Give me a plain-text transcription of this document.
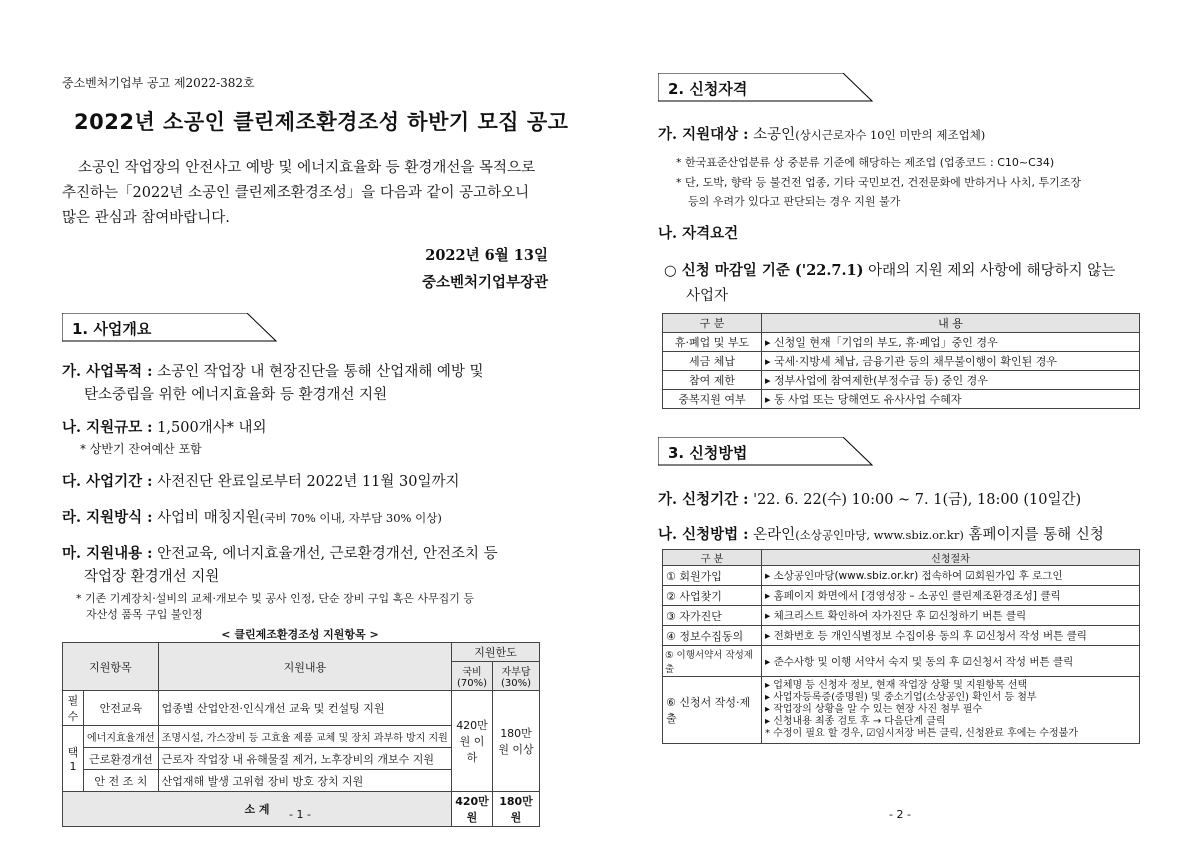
중소벤처기업부 공고 제2022-382호
2022년 소공인 클린제조환경조성 하반기 모집 공고
소공인 작업장의 안전사고 예방 및 에너지효율화 등 환경개선을 목적으로
추진하는「2022년 소공인 클린제조환경조성」을 다음과 같이 공고하오니
많은 관심과 참여바랍니다.
2022년 6월 13일
중소벤처기업부장관
1. 사업개요
가. 사업목적 : 소공인 작업장 내 현장진단을 통해 산업재해 예방 및
탄소중립을 위한 에너지효율화 등 환경개선 지원
나. 지원규모 : 1,500개사* 내외
* 상반기 잔여예산 포함
다. 사업기간 : 사전진단 완료일로부터 2022년 11월 30일까지
라. 지원방식 : 사업비 매칭지원(국비 70% 이내, 자부담 30% 이상)
마. 지원내용 : 안전교육, 에너지효율개선, 근로환경개선, 안전조치 등
작업장 환경개선 지원
* 기존 기계장치·설비의 교체·개보수 및 공사 인정, 단순 장비 구입 혹은 사무집기 등
자산성 품목 구입 불인정
< 클린제조환경조성 지원항목 >
지원항목		지원내용	지원한도	
			국비(70%)	자부담(30%)
필수	안전교육	업종별 산업안전·인식개선 교육 및 컨설팅 지원	420만원 이하	180만원 이상
택1	에너지효율개선	조명시설, 가스장비 등 고효율 제품 교체 및 장치 과부하 방지 지원		
	근로환경개선	근로자 작업장 내 유해물질 제거, 노후장비의 개보수 지원		
	안 전 조 치	산업재해 발생 고위험 장비 방호 장치 지원		
소 계			420만원	180만원
- 1 -
2. 신청자격
가. 지원대상 : 소공인(상시근로자수 10인 미만의 제조업체)
* 한국표준산업분류 상 중분류 기준에 해당하는 제조업 (업종코드 : C10~C34)
* 단, 도박, 향락 등 불건전 업종, 기타 국민보건, 건전문화에 반하거나 사치, 투기조장
등의 우려가 있다고 판단되는 경우 지원 불가
나. 자격요건
○ 신청 마감일 기준 ('22.7.1) 아래의 지원 제외 사항에 해당하지 않는
사업자
구 분	내 용
휴·폐업 및 부도	▸ 신청일 현재「기업의 부도, 휴·폐업」중인 경우
세금 체납	▸ 국세·지방세 체납, 금융기관 등의 채무불이행이 확인된 경우
참여 제한	▸ 정부사업에 참여제한(부정수급 등) 중인 경우
중복지원 여부	▸ 동 사업 또는 당해연도 유사사업 수혜자
3. 신청방법
가. 신청기간 : '22. 6. 22(수) 10:00 ~ 7. 1(금), 18:00 (10일간)
나. 신청방법 : 온라인(소상공인마당, www.sbiz.or.kr) 홈페이지를 통해 신청
구 분	신청절차
① 회원가입	▸ 소상공인마당(www.sbiz.or.kr) 접속하여 ☑회원가입 후 로그인
② 사업찾기	▸ 홈페이지 화면에서 [경영성장 – 소공인 클린제조환경조성] 클릭
③ 자가진단	▸ 체크리스트 확인하여 자가진단 후 ☑신청하기 버튼 클릭
④ 정보수집동의	▸ 전화번호 등 개인식별정보 수집이용 동의 후 ☑신청서 작성 버튼 클릭
⑤ 이행서약서 작성제출	▸ 준수사항 및 이행 서약서 숙지 및 동의 후 ☑신청서 작성 버튼 클릭
⑥ 신청서 작성·제출	▸ 업체명 등 신청자 정보, 현재 작업장 상황 및 지원항목 선택
▸ 사업자등록증(증명원) 및 중소기업(소상공인) 확인서 등 첨부
▸ 작업장의 상황을 알 수 있는 현장 사진 첨부 필수
▸ 신청내용 최종 검토 후 → 다음단계 클릭
* 수정이 필요 할 경우, ☑임시저장 버튼 클릭, 신청완료 후에는 수정불가
- 2 -
